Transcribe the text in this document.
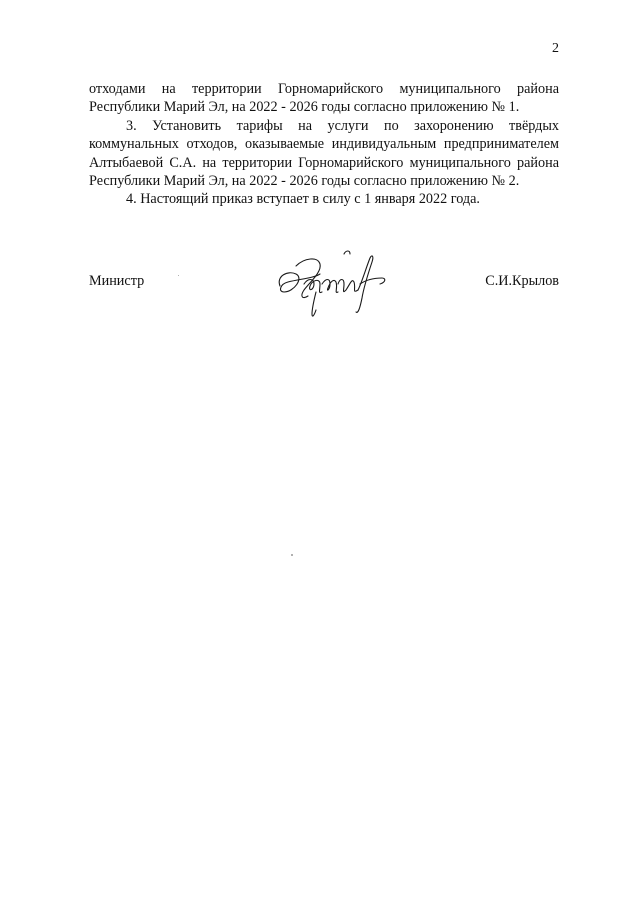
2

отходами на территории Горномарийского муниципального района Республики Марий Эл, на 2022 - 2026 годы согласно приложению № 1.

3. Установить тарифы на услуги по захоронению твёрдых коммунальных отходов, оказываемые индивидуальным предпринимателем Алтыбаевой С.А. на территории Горномарийского муниципального района Республики Марий Эл, на 2022 - 2026 годы согласно приложению № 2.

4. Настоящий приказ вступает в силу с 1 января 2022 года.

Министр	С.И.Крылов
